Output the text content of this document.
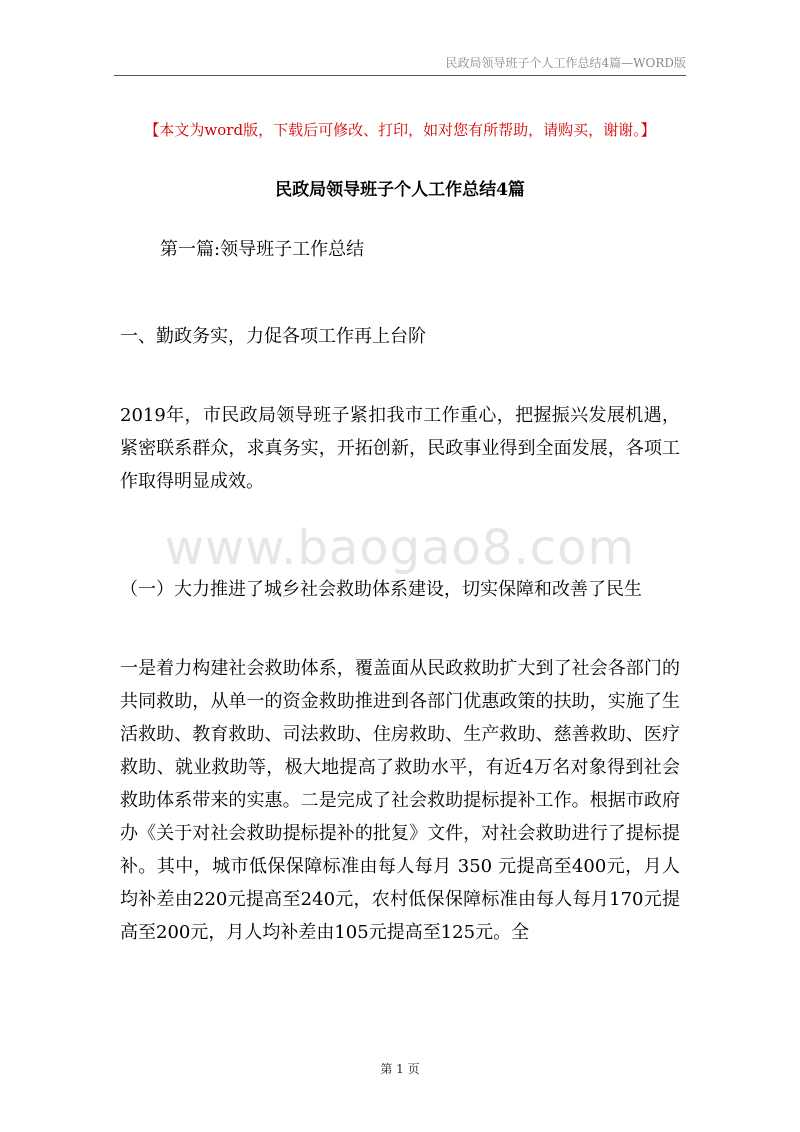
民政局领导班子个人工作总结4篇—WORD版
【本文为word版，下载后可修改、打印，如对您有所帮助，请购买，谢谢。】
民政局领导班子个人工作总结4篇
第一篇:领导班子工作总结
一、勤政务实，力促各项工作再上台阶
2019年，市民政局领导班子紧扣我市工作重心，把握振兴发展机遇，紧密联系群众，求真务实，开拓创新，民政事业得到全面发展，各项工作取得明显成效。
www.baogao8.com
（一）大力推进了城乡社会救助体系建设，切实保障和改善了民生
一是着力构建社会救助体系，覆盖面从民政救助扩大到了社会各部门的共同救助，从单一的资金救助推进到各部门优惠政策的扶助，实施了生活救助、教育救助、司法救助、住房救助、生产救助、慈善救助、医疗救助、就业救助等，极大地提高了救助水平，有近4万名对象得到社会救助体系带来的实惠。二是完成了社会救助提标提补工作。根据市政府办《关于对社会救助提标提补的批复》文件，对社会救助进行了提标提补。其中，城市低保保障标准由每人每月 350 元提高至400元，月人均补差由220元提高至240元，农村低保保障标准由每人每月170元提高至200元，月人均补差由105元提高至125元。全
第 1 页
